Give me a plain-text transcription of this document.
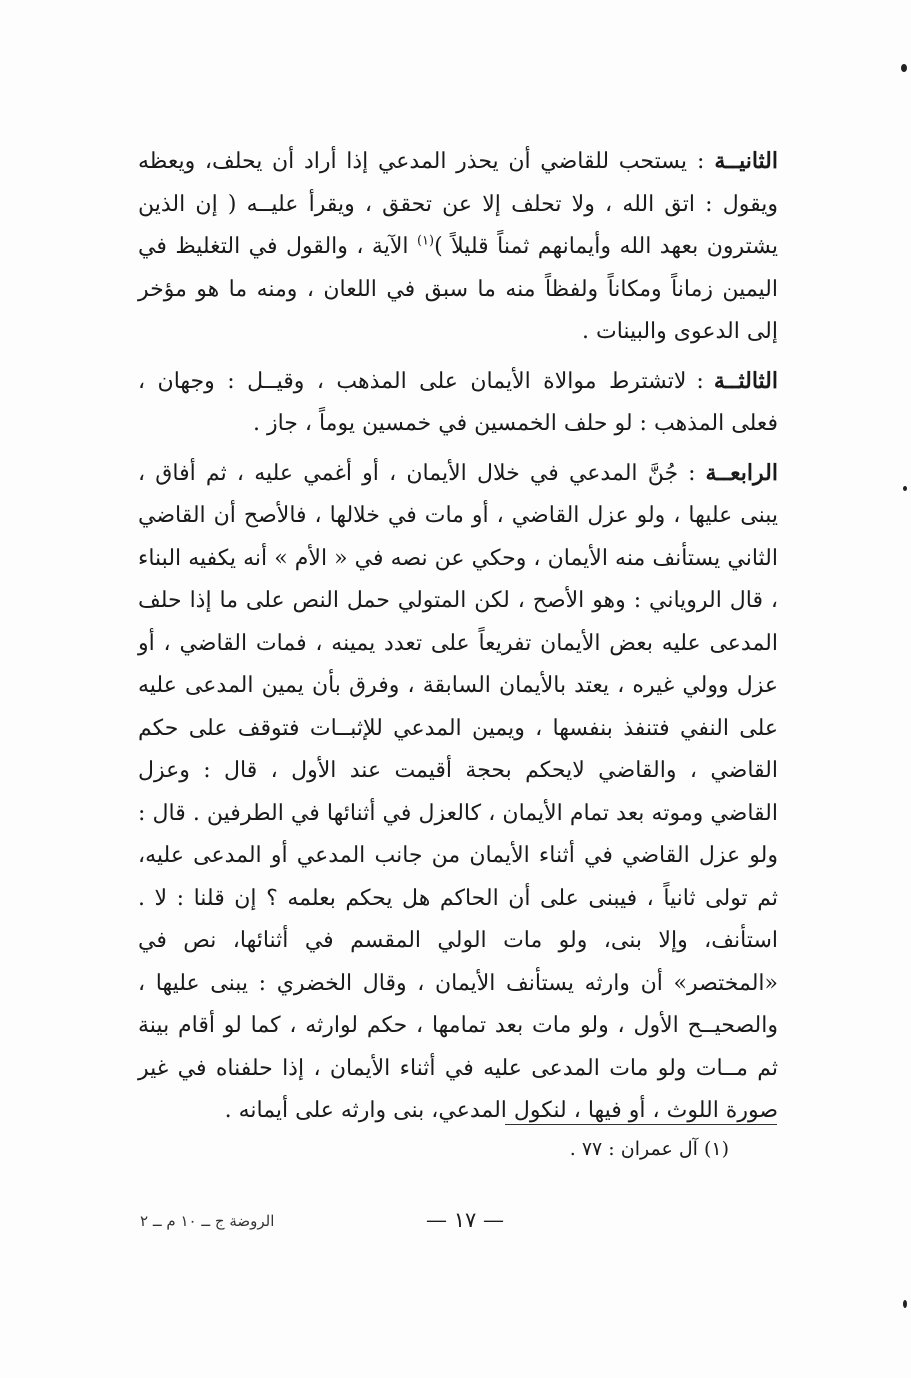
الثانيــة:يستحب للقاضي أن يحذر المدعي إذا أراد أن يحلف، ويعظه ويقول : اتق الله ، ولا تحلف إلا عن تحقق ، ويقرأ عليــه ( إن الذين يشترون بعهد الله وأيمانهم ثمناً قليلاً )$^{(١)}$ الآية ، والقول في التغليظ في اليمين زماناً ومكاناً ولفظاً منه ما سبق في اللعان ، ومنه ما هو مؤخر إلى الدعوى والبينات .

الثالثــة:لاتشترط موالاة الأيمان على المذهب ، وقيــل : وجهان ، فعلى المذهب : لو حلف الخمسين في خمسين يوماً ، جاز .

الرابعــة:جُنَّ المدعي في خلال الأيمان ، أو أغمي عليه ، ثم أفاق ، يبنى عليها ، ولو عزل القاضي ، أو مات في خلالها ، فالأصح أن القاضي الثاني يستأنف منه الأيمان ، وحكي عن نصه في « الأم » أنه يكفيه البناء ، قال الروياني : وهو الأصح ، لكن المتولي حمل النص على ما إذا حلف المدعى عليه بعض الأيمان تفريعاً على تعدد يمينه ، فمات القاضي ، أو عزل وولي غيره ، يعتد بالأيمان السابقة ، وفرق بأن يمين المدعى عليه على النفي فتنفذ بنفسها ، ويمين المدعي للإثبــات فتوقف على حكم القاضي ، والقاضي لايحكم بحجة أقيمت عند الأول ، قال : وعزل القاضي وموته بعد تمام الأيمان ، كالعزل في أثنائها في الطرفين . قال : ولو عزل القاضي في أثناء الأيمان من جانب المدعي أو المدعى عليه، ثم تولى ثانياً ، فيبنى على أن الحاكم هل يحكم بعلمه ؟ إن قلنا : لا . استأنف، وإلا بنى، ولو مات الولي المقسم في أثنائها، نص في «المختصر» أن وارثه يستأنف الأيمان ، وقال الخضري : يبنى عليها ، والصحيــح الأول ، ولو مات بعد تمامها ، حكم لوارثه ، كما لو أقام بينة ثم مــات ولو مات المدعى عليه في أثناء الأيمان ، إذا حلفناه في غير صورة اللوث ، أو فيها ، لنكول المدعي، بنى وارثه على أيمانه .

(١) آل عمران : ٧٧ .
— ١٧ —
الروضة ج ــ ١٠ م ــ ٢
